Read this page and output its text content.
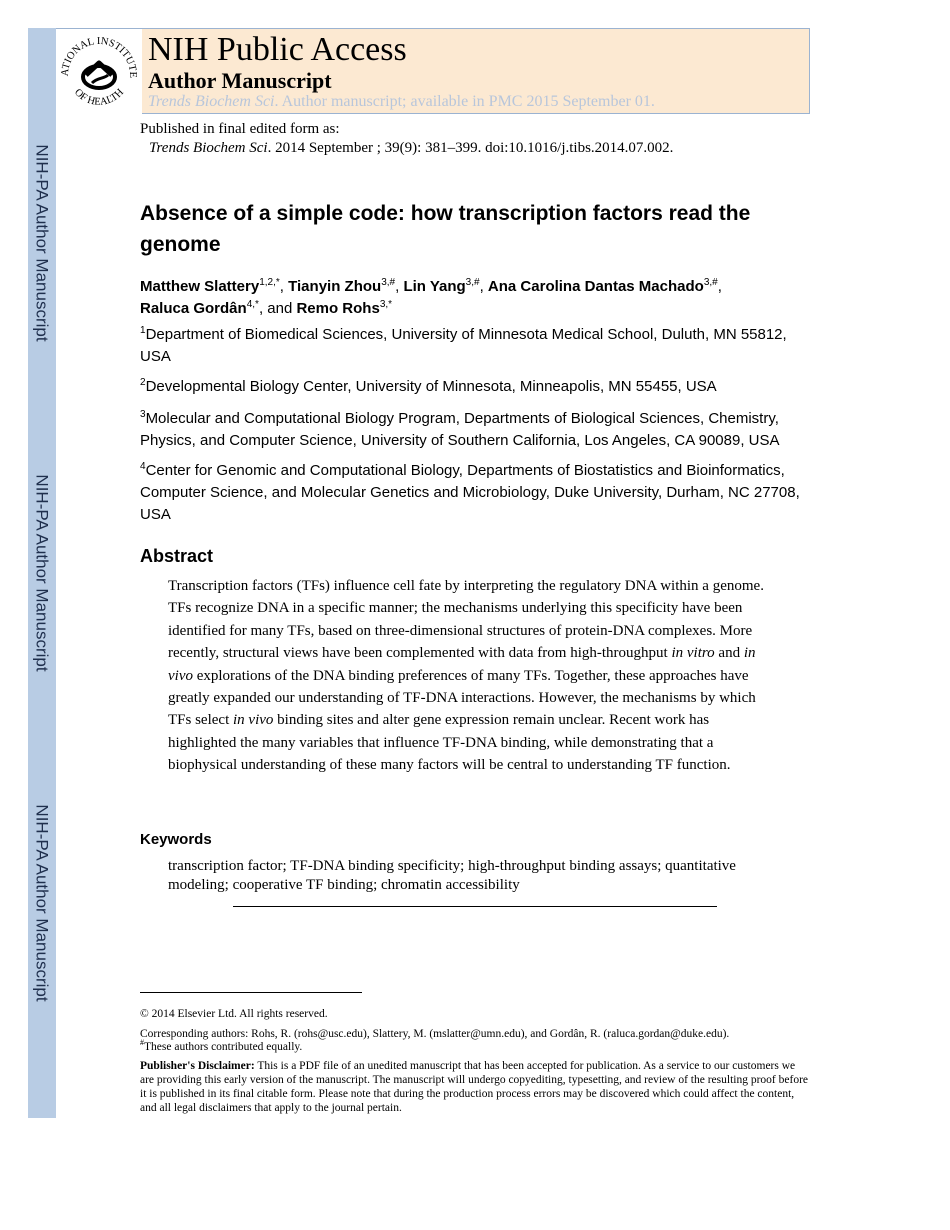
NIH-PA Author Manuscript
NIH-PA Author Manuscript
NIH-PA Author Manuscript
ATIONAL INSTITUTE
OF HEALTH
NIH Public Access
Author Manuscript
Trends Biochem Sci. Author manuscript; available in PMC 2015 September 01.
Published in final edited form as:
Trends Biochem Sci. 2014 September ; 39(9): 381–399. doi:10.1016/j.tibs.2014.07.002.
Absence of a simple code: how transcription factors read the genome
Matthew Slattery$^{1,2,*}$, Tianyin Zhou$^{3,\#}$, Lin Yang$^{3,\#}$, Ana Carolina Dantas Machado$^{3,\#}$,
Raluca Gordân$^{4,*}$, and Remo Rohs$^{3,*}$
$^1$Department of Biomedical Sciences, University of Minnesota Medical School, Duluth, MN 55812, USA
$^2$Developmental Biology Center, University of Minnesota, Minneapolis, MN 55455, USA
$^3$Molecular and Computational Biology Program, Departments of Biological Sciences, Chemistry, Physics, and Computer Science, University of Southern California, Los Angeles, CA 90089, USA
$^4$Center for Genomic and Computational Biology, Departments of Biostatistics and Bioinformatics, Computer Science, and Molecular Genetics and Microbiology, Duke University, Durham, NC 27708, USA
Abstract
Transcription factors (TFs) influence cell fate by interpreting the regulatory DNA within a genome. TFs recognize DNA in a specific manner; the mechanisms underlying this specificity have been identified for many TFs, based on three-dimensional structures of protein-DNA complexes. More recently, structural views have been complemented with data from high-throughput in vitro and in vivo explorations of the DNA binding preferences of many TFs. Together, these approaches have greatly expanded our understanding of TF-DNA interactions. However, the mechanisms by which TFs select in vivo binding sites and alter gene expression remain unclear. Recent work has highlighted the many variables that influence TF-DNA binding, while demonstrating that a biophysical understanding of these many factors will be central to understanding TF function.
Keywords
transcription factor; TF-DNA binding specificity; high-throughput binding assays; quantitative modeling; cooperative TF binding; chromatin accessibility
© 2014 Elsevier Ltd. All rights reserved.
Corresponding authors: Rohs, R. (rohs@usc.edu), Slattery, M. (mslatter@umn.edu), and Gordân, R. (raluca.gordan@duke.edu).
#These authors contributed equally.
Publisher's Disclaimer: This is a PDF file of an unedited manuscript that has been accepted for publication. As a service to our customers we are providing this early version of the manuscript. The manuscript will undergo copyediting, typesetting, and review of the resulting proof before it is published in its final citable form. Please note that during the production process errors may be discovered which could affect the content, and all legal disclaimers that apply to the journal pertain.
